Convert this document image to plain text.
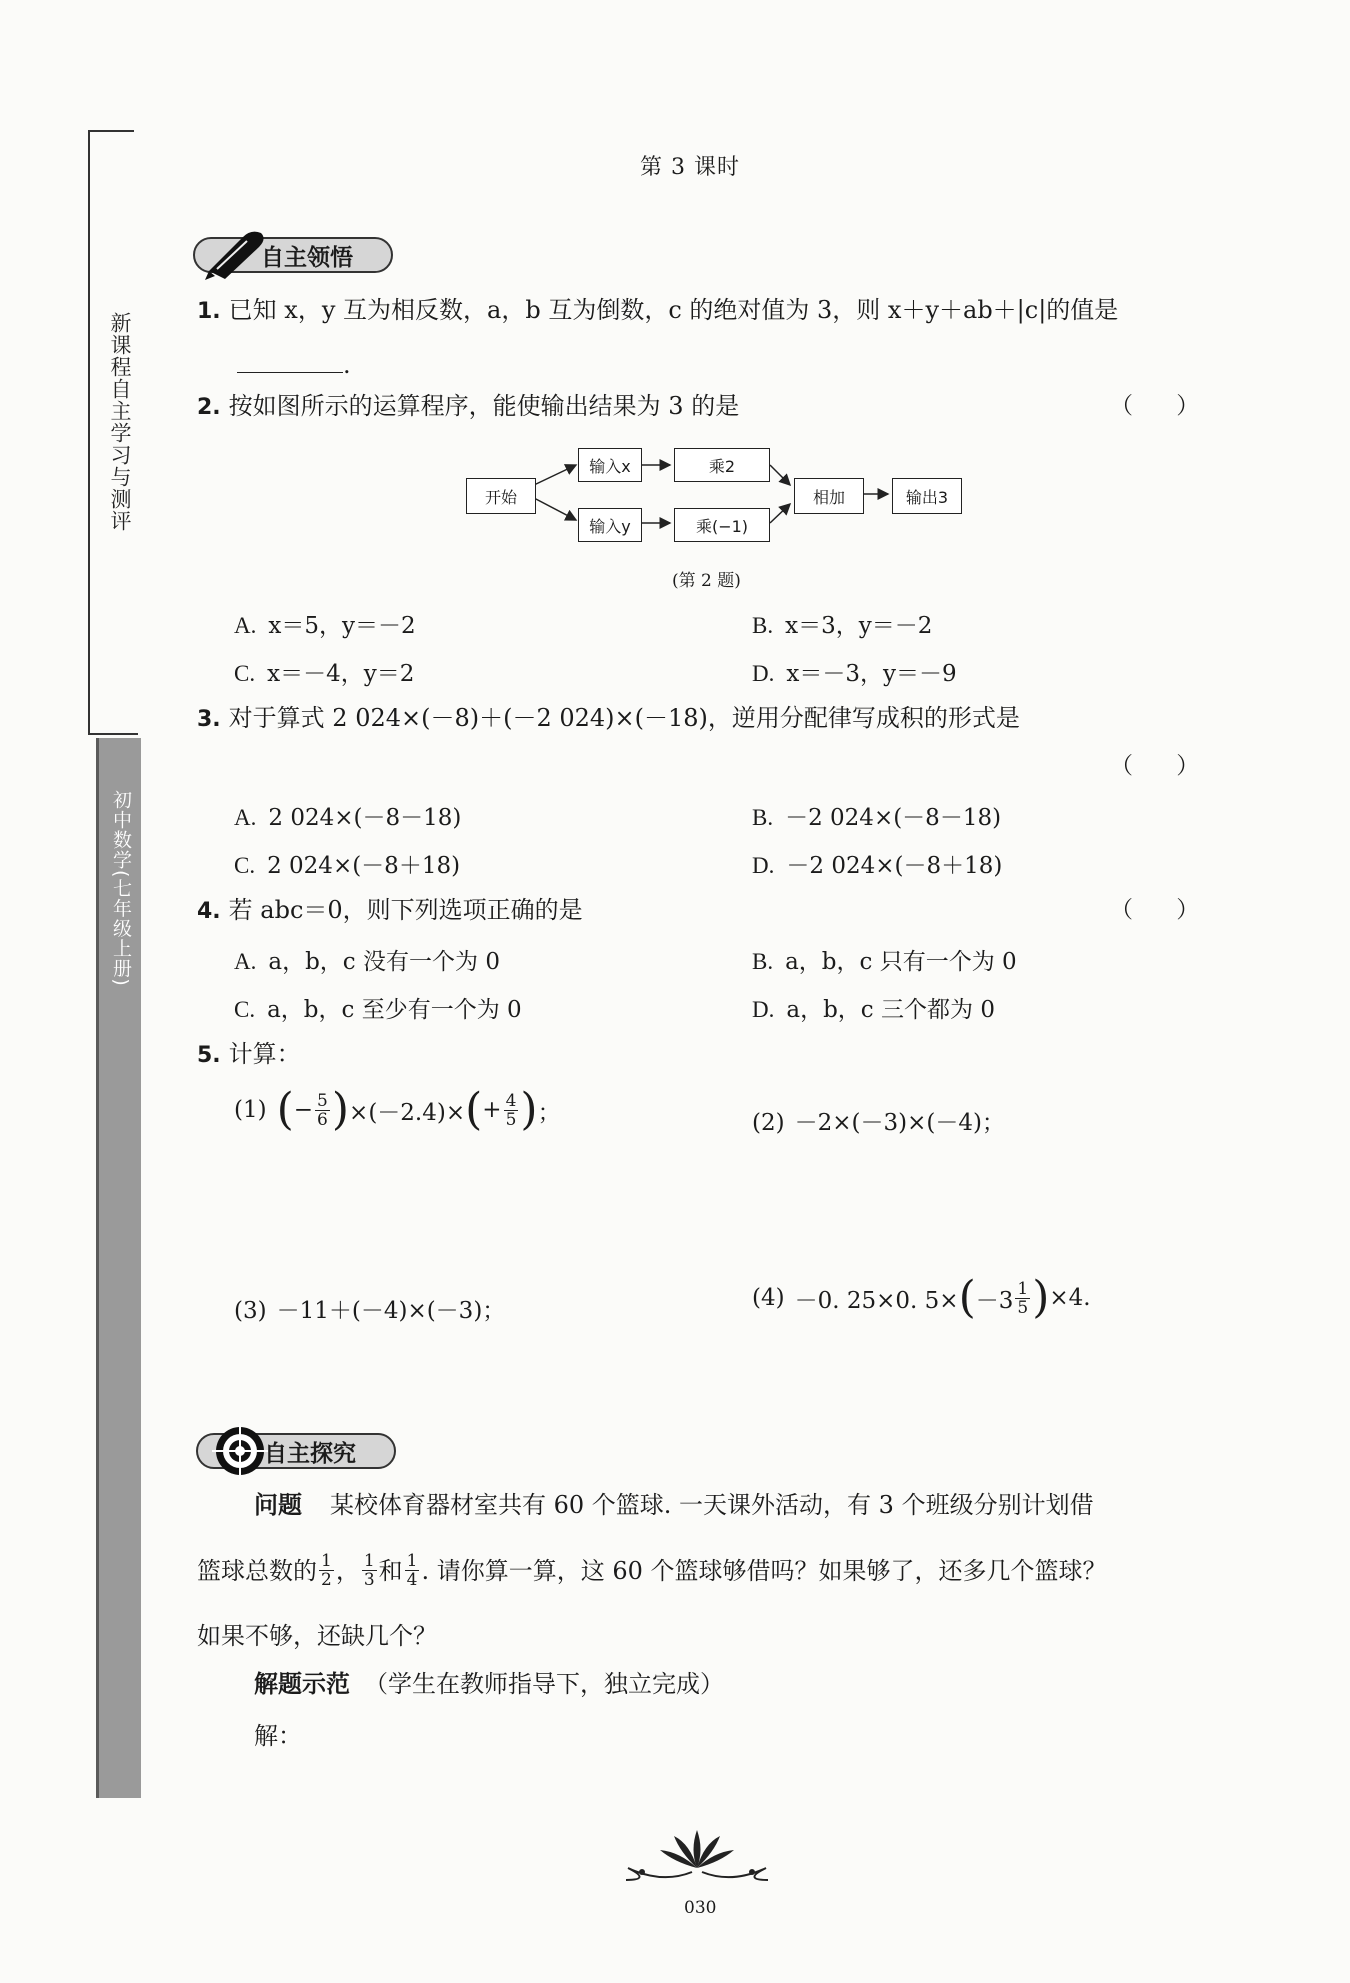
新课程自主学习与测评
初中数学(七年级上册)
第 3 课时
自主领悟
1. 已知 x，y 互为相反数，a，b 互为倒数，c 的绝对值为 3，则 x＋y＋ab＋|c|的值是
.
2. 按如图所示的运算程序，能使输出结果为 3 的是	（ ）
开始
输入x
输入y
乘2
乘(−1)
相加	输出3
(第 2 题)
A. x＝5，y＝－2	B. x＝3，y＝－2
C. x＝－4，y＝2	D. x＝－3，y＝－9
3. 对于算式 2 024×(－8)＋(－2 024)×(－18)，逆用分配律写成积的形式是
（ ）
A. 2 024×(－8－18)	B. －2 024×(－8－18)
C. 2 024×(－8＋18)	D. －2 024×(－8＋18)
4. 若 abc＝0，则下列选项正确的是	（ ）
A. a，b，c 没有一个为 0	B. a，b，c 只有一个为 0
C. a，b，c 至少有一个为 0	D. a，b，c 三个都为 0
5. 计算：
(1) ( − $\frac{5}{6}$ ) ×(－2.4)× ( + $\frac{4}{5}$ ) ；	(2) －2×(－3)×(－4)；
(3) －11＋(－4)×(－3)；	(4) －0. 25×0. 5× ( $-3 \frac{1}{5}$ ) ×4.
自主探究
问题 某校体育器材室共有 60 个篮球. 一天课外活动，有 3 个班级分别计划借
篮球总数的 $\frac{1}{2}$ ， $\frac{1}{3}$ 和 $\frac{1}{4}$ . 请你算一算，这 60 个篮球够借吗？如果够了，还多几个篮球？
如果不够，还缺几个？
解题示范 （学生在教师指导下，独立完成）
解：
030
